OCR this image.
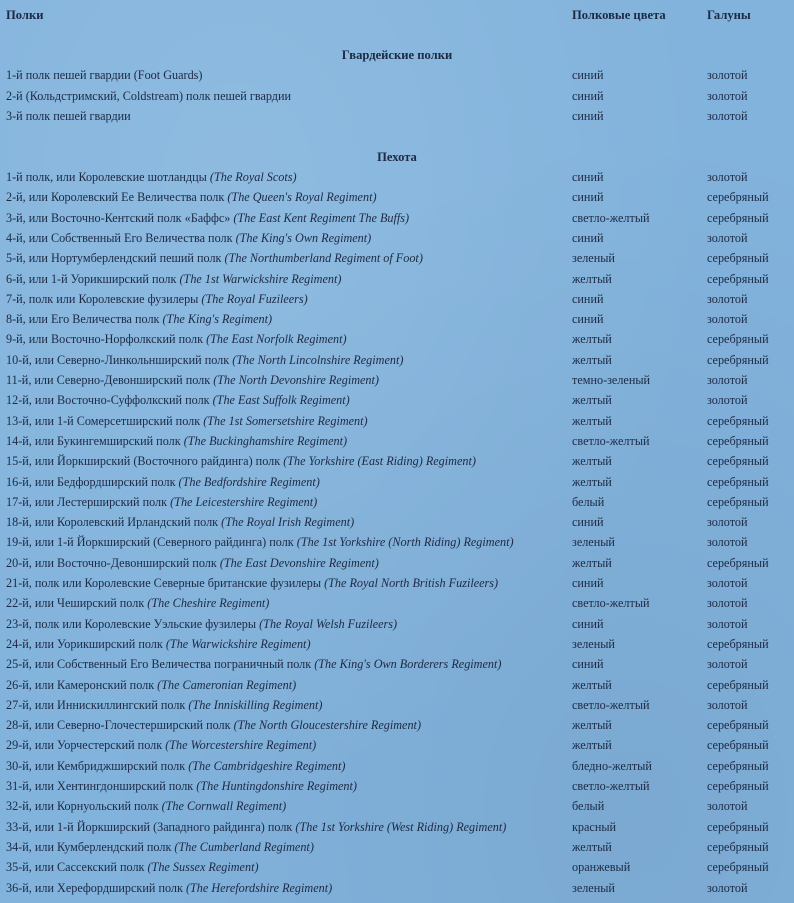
Полки	Полковые цвета	Галуны
Гвардейские полки
1-й полк пешей гвардии (Foot Guards)	синий	золотой
2-й (Кольдстримский, Coldstream) полк пешей гвардии	синий	золотой
3-й полк пешей гвардии	синий	золотой
Пехота
1-й полк, или Королевские шотландцы (The Royal Scots)	синий	золотой
2-й, или Королевский Ее Величества полк (The Queen's Royal Regiment)	синий	серебряный
3-й, или Восточно-Кентский полк «Баффс» (The East Kent Regiment The Buffs)	светло-желтый	серебряный
4-й, или Собственный Его Величества полк (The King's Own Regiment)	синий	золотой
5-й, или Нортумберлендский пеший полк (The Northumberland Regiment of Foot)	зеленый	серебряный
6-й, или 1-й Уорикширский полк (The 1st Warwickshire Regiment)	желтый	серебряный
7-й, полк или Королевские фузилеры (The Royal Fuzileers)	синий	золотой
8-й, или Его Величества полк (The King's Regiment)	синий	золотой
9-й, или Восточно-Норфолкский полк (The East Norfolk Regiment)	желтый	серебряный
10-й, или Северно-Линкольнширский полк (The North Lincolnshire Regiment)	желтый	серебряный
11-й, или Северно-Девонширский полк (The North Devonshire Regiment)	темно-зеленый	золотой
12-й, или Восточно-Суффолкский полк (The East Suffolk Regiment)	желтый	золотой
13-й, или 1-й Сомерсетширский полк (The 1st Somersetshire Regiment)	желтый	серебряный
14-й, или Букингемширский полк (The Buckinghamshire Regiment)	светло-желтый	серебряный
15-й, или Йоркширский (Восточного райдинга) полк (The Yorkshire (East Riding) Regiment)	желтый	серебряный
16-й, или Бедфордширский полк (The Bedfordshire Regiment)	желтый	серебряный
17-й, или Лестерширский полк (The Leicestershire Regiment)	белый	серебряный
18-й, или Королевский Ирландский полк (The Royal Irish Regiment)	синий	золотой
19-й, или 1-й Йоркширский (Северного райдинга) полк (The 1st Yorkshire (North Riding) Regiment)	зеленый	золотой
20-й, или Восточно-Девонширский полк (The East Devonshire Regiment)	желтый	серебряный
21-й, полк или Королевские Северные британские фузилеры (The Royal North British Fuzileers)	синий	золотой
22-й, или Чеширский полк (The Cheshire Regiment)	светло-желтый	золотой
23-й, полк или Королевские Уэльские фузилеры (The Royal Welsh Fuzileers)	синий	золотой
24-й, или Уорикширский полк (The Warwickshire Regiment)	зеленый	серебряный
25-й, или Собственный Его Величества пограничный полк (The King's Own Borderers Regiment)	синий	золотой
26-й, или Камеронский полк (The Cameronian Regiment)	желтый	серебряный
27-й, или Иннискиллингский полк (The Inniskilling Regiment)	светло-желтый	золотой
28-й, или Северно-Глочестерширский полк (The North Gloucestershire Regiment)	желтый	серебряный
29-й, или Уорчестерский полк (The Worcestershire Regiment)	желтый	серебряный
30-й, или Кембриджширский полк (The Cambridgeshire Regiment)	бледно-желтый	серебряный
31-й, или Хентингдонширский полк (The Huntingdonshire Regiment)	светло-желтый	серебряный
32-й, или Корнуольский полк (The Cornwall Regiment)	белый	золотой
33-й, или 1-й Йоркширский (Западного райдинга) полк (The 1st Yorkshire (West Riding) Regiment)	красный	серебряный
34-й, или Кумберлендский полк (The Cumberland Regiment)	желтый	серебряный
35-й, или Сассекский полк (The Sussex Regiment)	оранжевый	серебряный
36-й, или Херефордширский полк (The Herefordshire Regiment)	зеленый	золотой
